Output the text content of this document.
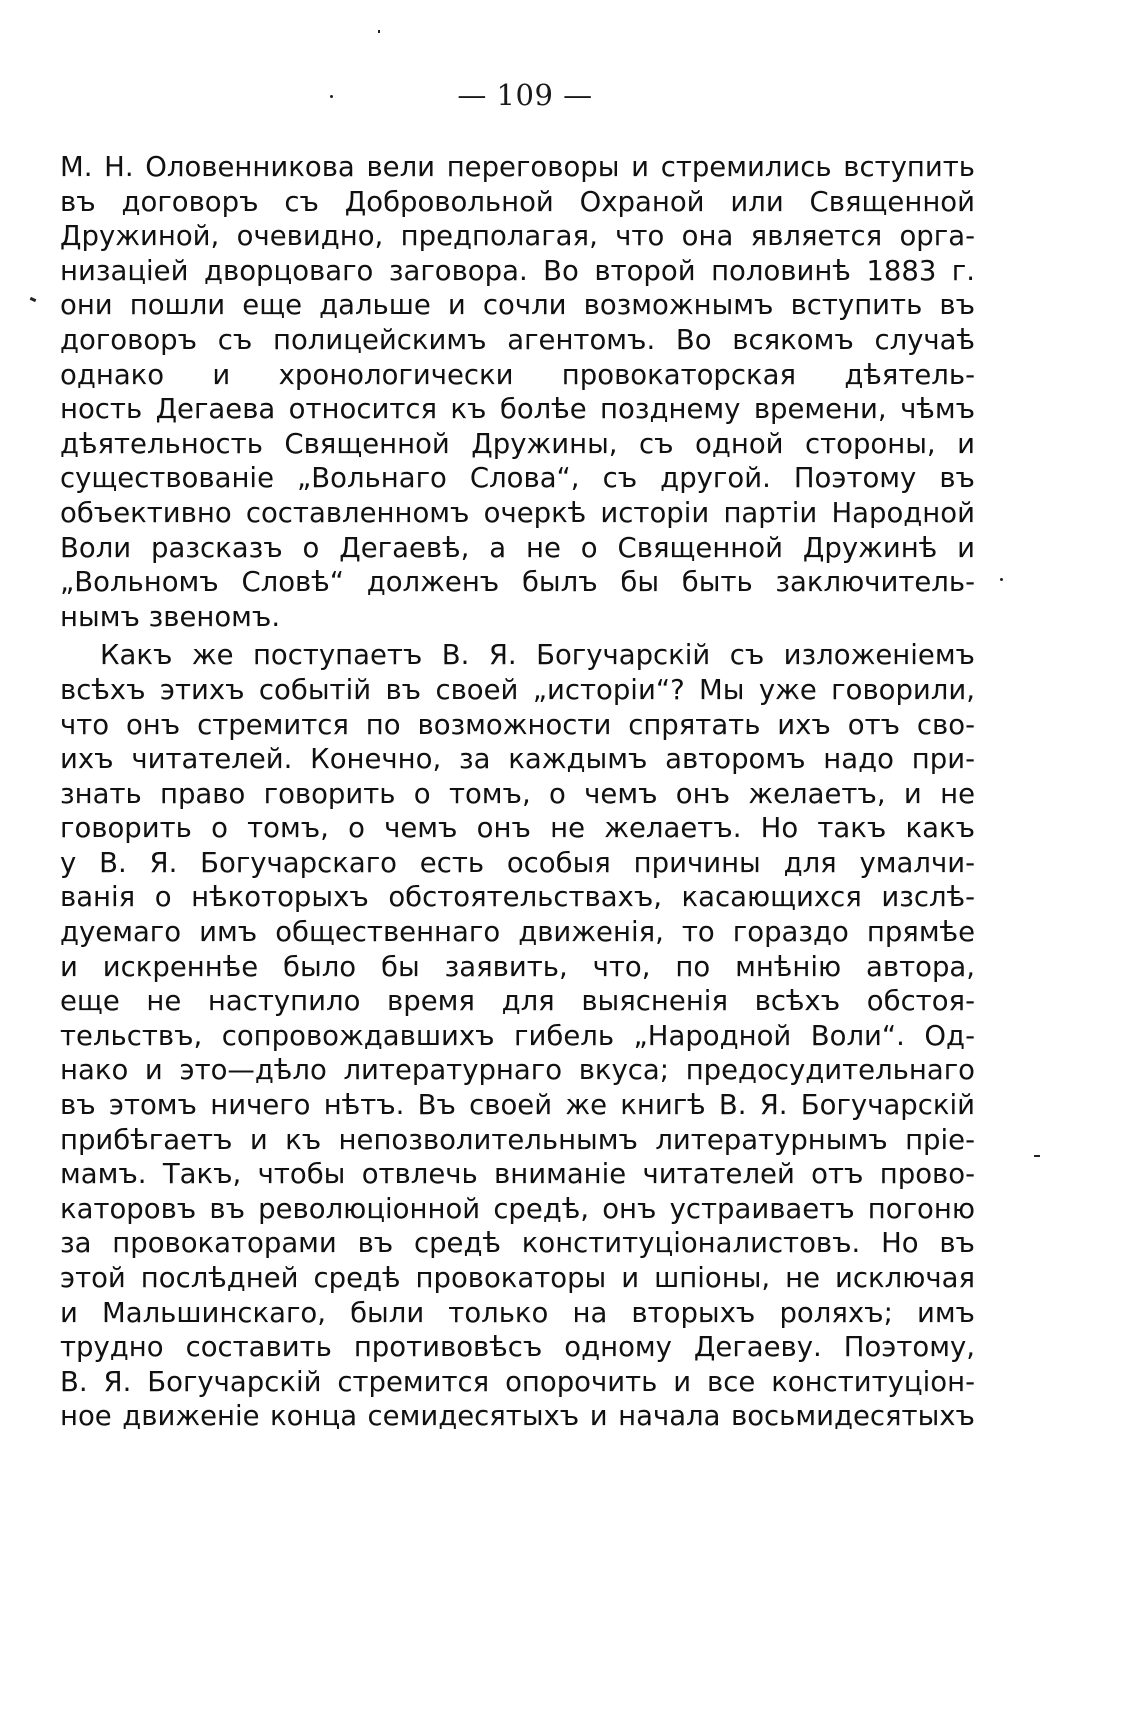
— 109 —
М. Н. Оловенникова вели переговоры и стремились вступить
въ договоръ съ Добровольной Охраной или Священной
Дружиной, очевидно, предполагая, что она является орга-
низаціей дворцоваго заговора. Во второй половинѣ 1883 г.
они пошли еще дальше и сочли возможнымъ вступить въ
договоръ съ полицейскимъ агентомъ. Во всякомъ случаѣ
однако и хронологически провокаторская дѣятель-
ность Дегаева относится къ болѣе позднему времени, чѣмъ
дѣятельность Священной Дружины, съ одной стороны, и
существованіе „Вольнаго Слова“, съ другой. Поэтому въ
объективно составленномъ очеркѣ исторіи партіи Народной
Воли разсказъ о Дегаевѣ, а не о Священной Дружинѣ и
„Вольномъ Словѣ“ долженъ былъ бы быть заключитель-
нымъ звеномъ.
Какъ же поступаетъ В. Я. Богучарскій съ изложеніемъ
всѣхъ этихъ событій въ своей „исторіи“? Мы уже говорили,
что онъ стремится по возможности спрятать ихъ отъ сво-
ихъ читателей. Конечно, за каждымъ авторомъ надо при-
знать право говорить о томъ, о чемъ онъ желаетъ, и не
говорить о томъ, о чемъ онъ не желаетъ. Но такъ какъ
у В. Я. Богучарскаго есть особыя причины для умалчи-
ванія о нѣкоторыхъ обстоятельствахъ, касающихся изслѣ-
дуемаго имъ общественнаго движенія, то гораздо прямѣе
и искреннѣе было бы заявить, что, по мнѣнію автора,
еще не наступило время для выясненія всѣхъ обстоя-
тельствъ, сопровождавшихъ гибель „Народной Воли“. Од-
нако и это—дѣло литературнаго вкуса; предосудительнаго
въ этомъ ничего нѣтъ. Въ своей же книгѣ В. Я. Богучарскій
прибѣгаетъ и къ непозволительнымъ литературнымъ пріе-
мамъ. Такъ, чтобы отвлечь вниманіе читателей отъ прово-
каторовъ въ революціонной средѣ, онъ устраиваетъ погоню
за провокаторами въ средѣ конституціоналистовъ. Но въ
этой послѣдней средѣ провокаторы и шпіоны, не исключая
и Мальшинскаго, были только на вторыхъ роляхъ; имъ
трудно составить противовѣсъ одному Дегаеву. Поэтому,
В. Я. Богучарскій стремится опорочить и все конституціон-
ное движеніе конца семидесятыхъ и начала восьмидесятыхъ
